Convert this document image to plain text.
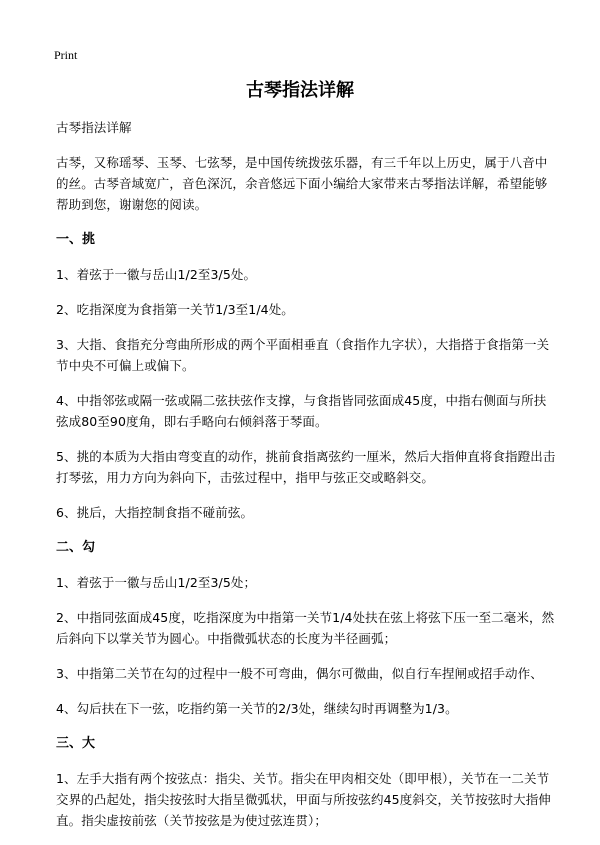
Print
古琴指法详解

古琴指法详解

古琴，又称瑶琴、玉琴、七弦琴，是中国传统拨弦乐器，有三千年以上历史，属于八音中的丝。古琴音域宽广，音色深沉，余音悠远下面小编给大家带来古琴指法详解，希望能够帮助到您，谢谢您的阅读。

一、挑

1、着弦于一徽与岳山1/2至3/5处。

2、吃指深度为食指第一关节1/3至1/4处。

3、大指、食指充分弯曲所形成的两个平面相垂直（食指作九字状），大指搭于食指第一关节中央不可偏上或偏下。

4、中指邻弦或隔一弦或隔二弦扶弦作支撑，与食指皆同弦面成45度，中指右侧面与所扶弦成80至90度角，即右手略向右倾斜落于琴面。

5、挑的本质为大指由弯变直的动作，挑前食指离弦约一厘米，然后大指伸直将食指蹬出击打琴弦，用力方向为斜向下，击弦过程中，指甲与弦正交或略斜交。

6、挑后，大指控制食指不碰前弦。

二、勾

1、着弦于一徽与岳山1/2至3/5处；

2、中指同弦面成45度，吃指深度为中指第一关节1/4处扶在弦上将弦下压一至二毫米，然后斜向下以掌关节为圆心。中指微弧状态的长度为半径画弧；

3、中指第二关节在勾的过程中一般不可弯曲，偶尔可微曲，似自行车捏闸或招手动作、

4、勾后扶在下一弦，吃指约第一关节的2/3处，继续勾时再调整为1/3。

三、大

1、左手大指有两个按弦点：指尖、关节。指尖在甲肉相交处（即甲根），关节在一二关节交界的凸起处，指尖按弦时大指呈微弧状，甲面与所按弦约45度斜交，关节按弦时大指伸直。指尖虚按前弦（关节按弦是为使过弦连贯）；
